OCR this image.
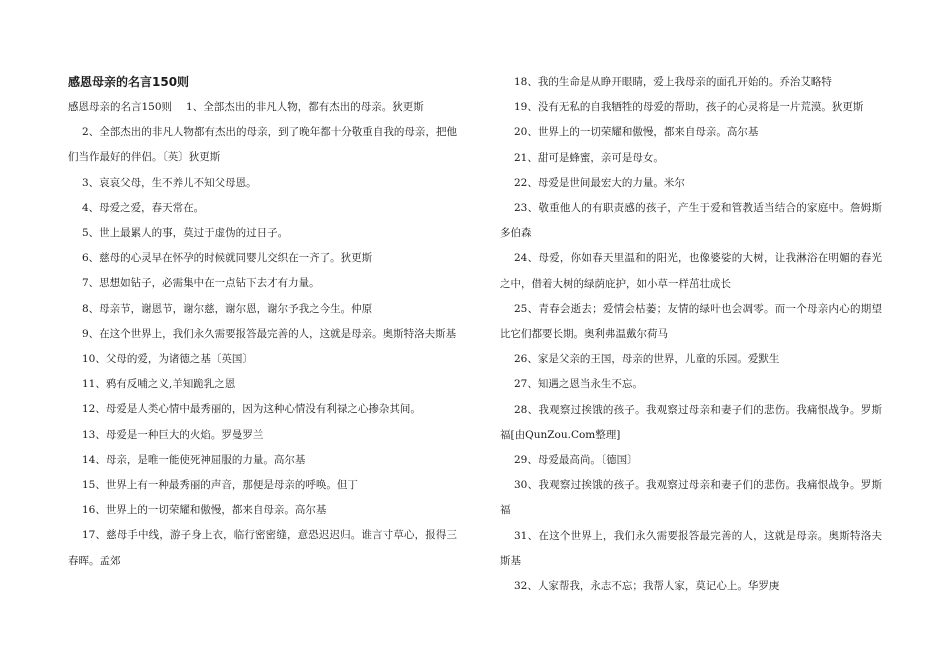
感恩母亲的名言150则

感恩母亲的名言150则 1、全部杰出的非凡人物，都有杰出的母亲。狄更斯

2、全部杰出的非凡人物都有杰出的母亲，到了晚年都十分敬重自我的母亲，把他们当作最好的伴侣。〔英〕狄更斯

3、哀哀父母，生不养儿不知父母恩。

4、母爱之爱，春天常在。

5、世上最累人的事，莫过于虚伪的过日子。

6、慈母的心灵早在怀孕的时候就同婴儿交织在一齐了。狄更斯

7、思想如钻子，必需集中在一点钻下去才有力量。

8、母亲节，谢恩节，谢尔慈，谢尔恩，谢尔予我之今生。仲原

9、在这个世界上，我们永久需要报答最完善的人，这就是母亲。奥斯特洛夫斯基

10、父母的爱，为诸德之基〔英国〕

11、鸦有反哺之义,羊知跪乳之恩

12、母爱是人类心情中最秀丽的，因为这种心情没有利禄之心掺杂其间。

13、母爱是一种巨大的火焰。罗曼罗兰

14、母亲，是唯一能使死神屈服的力量。高尔基

15、世界上有一种最秀丽的声音，那便是母亲的呼唤。但丁

16、世界上的一切荣耀和傲慢，都来自母亲。高尔基

17、慈母手中线，游子身上衣，临行密密缝，意恐迟迟归。谁言寸草心，报得三春晖。孟郊

18、我的生命是从睁开眼睛，爱上我母亲的面孔开始的。乔治艾略特

19、没有无私的自我牺牲的母爱的帮助，孩子的心灵将是一片荒漠。狄更斯

20、世界上的一切荣耀和傲慢，都来自母亲。高尔基

21、甜可是蜂蜜，亲可是母女。

22、母爱是世间最宏大的力量。米尔

23、敬重他人的有职责感的孩子，产生于爱和管教适当结合的家庭中。詹姆斯多伯森

24、母爱，你如春天里温和的阳光，也像婆娑的大树，让我淋浴在明媚的春光之中，借着大树的绿荫庇护，如小草一样茁壮成长

25、青春会逝去；爱情会枯萎；友情的绿叶也会凋零。而一个母亲内心的期望比它们都要长期。奥利弗温戴尔荷马

26、家是父亲的王国，母亲的世界，儿童的乐园。爱默生

27、知遇之恩当永生不忘。

28、我观察过挨饿的孩子。我观察过母亲和妻子们的悲伤。我痛恨战争。罗斯福[由QunZou.Com整理]

29、母爱最高尚。〔德国〕

30、我观察过挨饿的孩子。我观察过母亲和妻子们的悲伤。我痛恨战争。罗斯福

31、在这个世界上，我们永久需要报答最完善的人，这就是母亲。奥斯特洛夫斯基

32、人家帮我，永志不忘；我帮人家，莫记心上。华罗庚
